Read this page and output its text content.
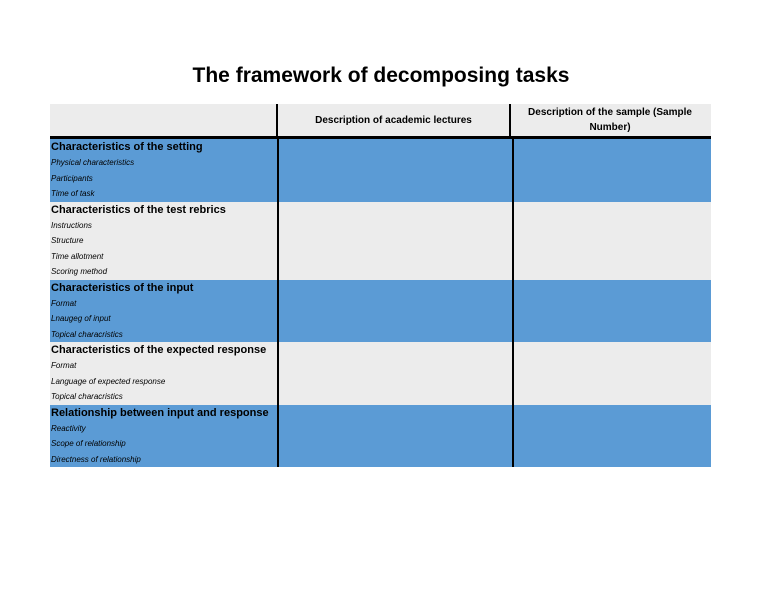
The framework of decomposing tasks
Description of academic lectures
Description of the sample (Sample Number)
Characteristics of the setting
Physical characteristics
Participants
Time of task
Characteristics of the test rebrics
Instructions
Structure
Time allotment
Scoring method
Characteristics of the input
Format
Lnaugeg of input
Topical characristics
Characteristics of the expected response
Format
Language of expected response
Topical characristics
Relationship between input and response
Reactivity
Scope of relationship
Directness of relationship
